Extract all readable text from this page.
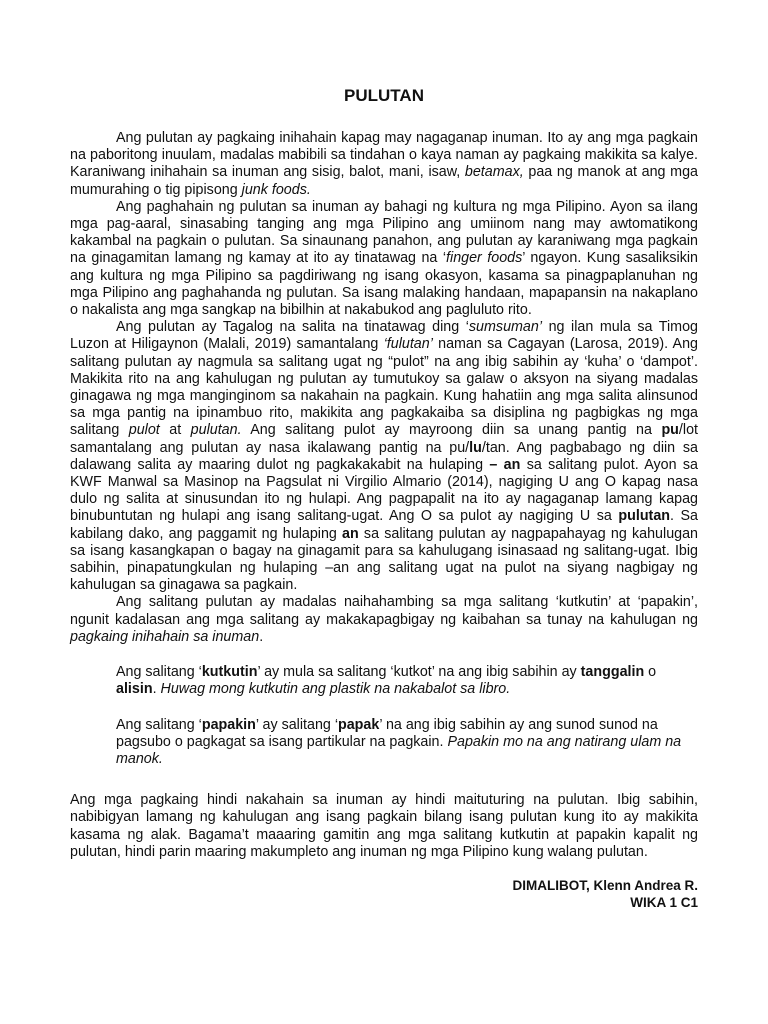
PULUTAN

Ang pulutan ay pagkaing inihahain kapag may nagaganap inuman. Ito ay ang mga pagkain na paboritong inuulam, madalas mabibili sa tindahan o kaya naman ay pagkaing makikita sa kalye. Karaniwang inihahain sa inuman ang sisig, balot, mani, isaw, betamax, paa ng manok at ang mga mumurahing o tig pipisong junk foods.

Ang paghahain ng pulutan sa inuman ay bahagi ng kultura ng mga Pilipino. Ayon sa ilang mga pag-aaral, sinasabing tanging ang mga Pilipino ang umiinom nang may awtomatikong kakambal na pagkain o pulutan. Sa sinaunang panahon, ang pulutan ay karaniwang mga pagkain na ginagamitan lamang ng kamay at ito ay tinatawag na ‘finger foods’ ngayon. Kung sasaliksikin ang kultura ng mga Pilipino sa pagdiriwang ng isang okasyon, kasama sa pinagpaplanuhan ng mga Pilipino ang paghahanda ng pulutan. Sa isang malaking handaan, mapapansin na nakaplano o nakalista ang mga sangkap na bibilhin at nakabukod ang pagluluto rito.

Ang pulutan ay Tagalog na salita na tinatawag ding ‘sumsuman’ ng ilan mula sa Timog Luzon at Hiligaynon (Malali, 2019) samantalang ‘fulutan’ naman sa Cagayan (Larosa, 2019). Ang salitang pulutan ay nagmula sa salitang ugat ng “pulot” na ang ibig sabihin ay ‘kuha’ o ‘dampot’. Makikita rito na ang kahulugan ng pulutan ay tumutukoy sa galaw o aksyon na siyang madalas ginagawa ng mga manginginom sa nakahain na pagkain. Kung hahatiin ang mga salita alinsunod sa mga pantig na ipinambuo rito, makikita ang pagkakaiba sa disiplina ng pagbigkas ng mga salitang pulot at pulutan. Ang salitang pulot ay mayroong diin sa unang pantig na pu/lot samantalang ang pulutan ay nasa ikalawang pantig na pu/lu/tan. Ang pagbabago ng diin sa dalawang salita ay maaring dulot ng pagkakakabit na hulaping – an sa salitang pulot. Ayon sa KWF Manwal sa Masinop na Pagsulat ni Virgilio Almario (2014), nagiging U ang O kapag nasa dulo ng salita at sinusundan ito ng hulapi. Ang pagpapalit na ito ay nagaganap lamang kapag binubuntutan ng hulapi ang isang salitang-ugat. Ang O sa pulot ay nagiging U sa pulutan. Sa kabilang dako, ang paggamit ng hulaping an sa salitang pulutan ay nagpapahayag ng kahulugan sa isang kasangkapan o bagay na ginagamit para sa kahulugang isinasaad ng salitang-ugat. Ibig sabihin, pinapatungkulan ng hulaping –an ang salitang ugat na pulot na siyang nagbigay ng kahulugan sa ginagawa sa pagkain.

Ang salitang pulutan ay madalas naihahambing sa mga salitang ‘kutkutin’ at ‘papakin’, ngunit kadalasan ang mga salitang ay makakapagbigay ng kaibahan sa tunay na kahulugan ng pagkaing inihahain sa inuman.

Ang salitang ‘kutkutin’ ay mula sa salitang ‘kutkot’ na ang ibig sabihin ay tanggalin o alisin. Huwag mong kutkutin ang plastik na nakabalot sa libro.

Ang salitang ‘papakin’ ay salitang ‘papak’ na ang ibig sabihin ay ang sunod sunod na pagsubo o pagkagat sa isang partikular na pagkain. Papakin mo na ang natirang ulam na manok.

Ang mga pagkaing hindi nakahain sa inuman ay hindi maituturing na pulutan. Ibig sabihin, nabibigyan lamang ng kahulugan ang isang pagkain bilang isang pulutan kung ito ay makikita kasama ng alak. Bagama’t maaaring gamitin ang mga salitang kutkutin at papakin kapalit ng pulutan, hindi parin maaring makumpleto ang inuman ng mga Pilipino kung walang pulutan.

DIMALIBOT, Klenn Andrea R.
WIKA 1 C1
